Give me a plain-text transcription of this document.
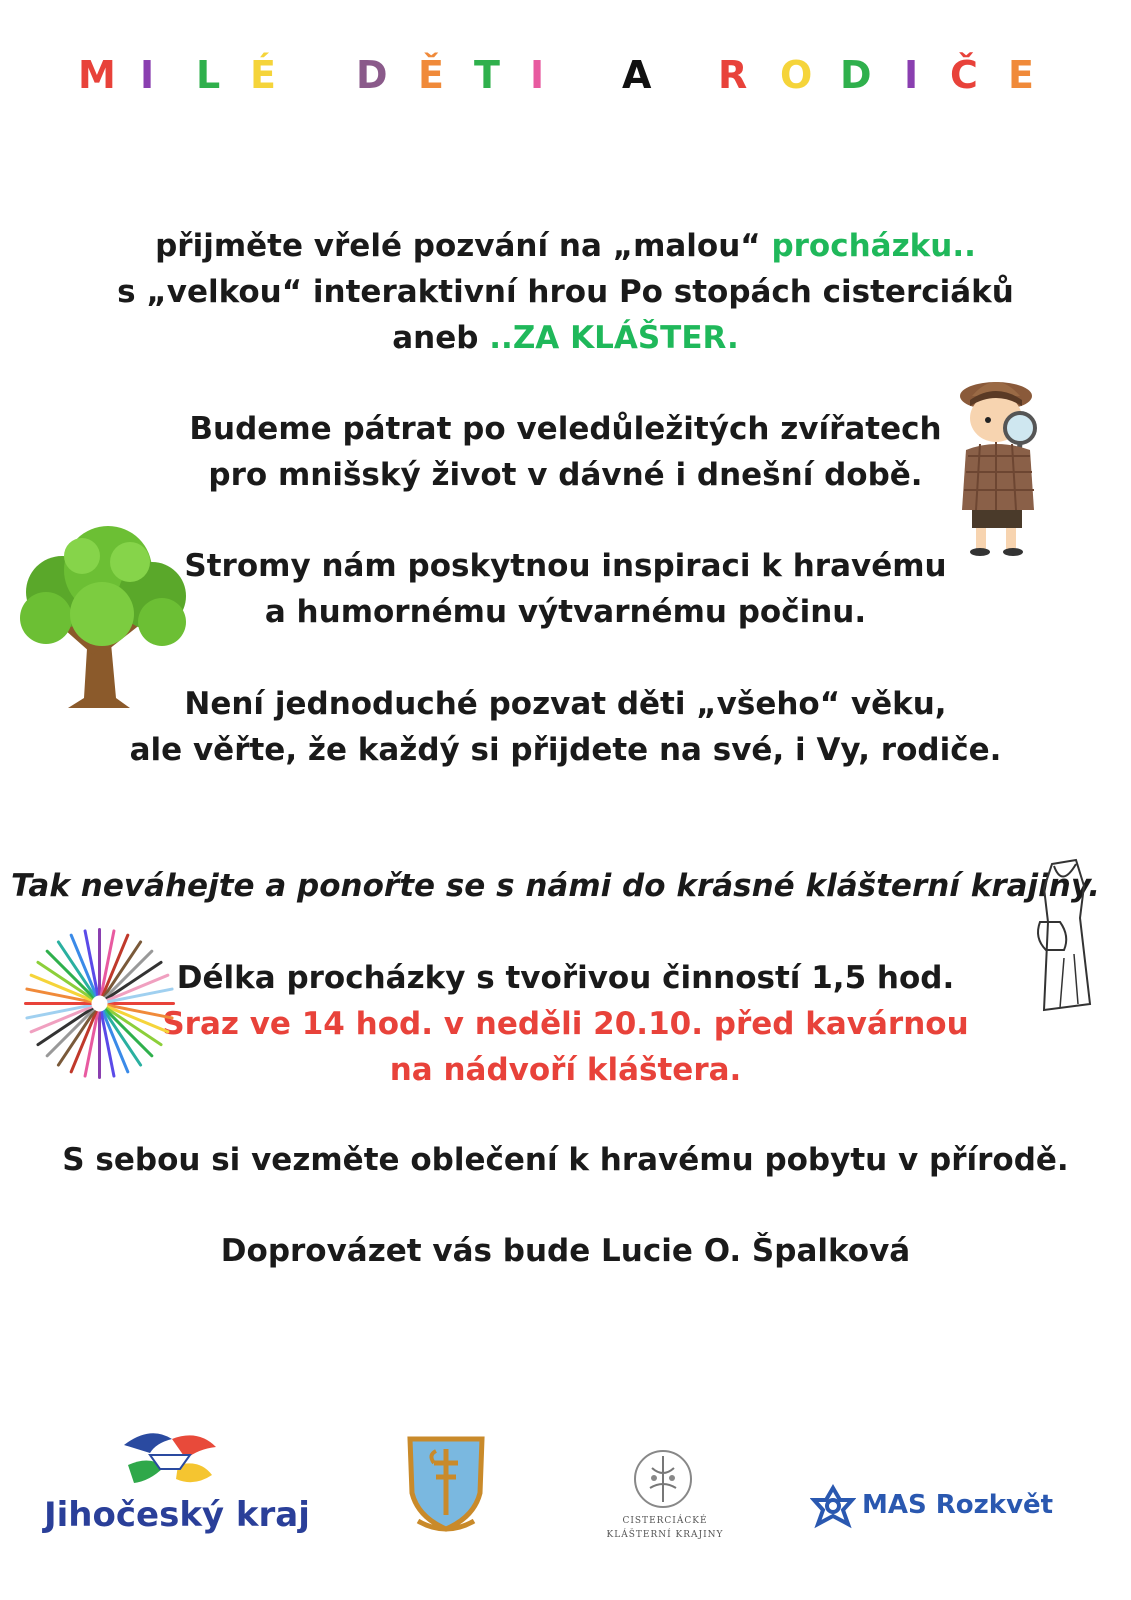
M I L É D Ě T I A R O D I Č E
přijměte vřelé pozvání na „malou“ procházku..
s „velkou“ interaktivní hrou Po stopách cisterciáků
aneb ..ZA KLÁŠTER.
Budeme pátrat po veledůležitých zvířatech
pro mnišský život v dávné i dnešní době.
Stromy nám poskytnou inspiraci k hravému
a humornému výtvarnému počinu.
Není jednoduché pozvat děti „všeho“ věku,
ale věřte, že každý si přijdete na své, i Vy, rodiče.
Tak neváhejte a ponořte se s námi do krásné klášterní krajiny.
Délka procházky s tvořivou činností 1,5 hod.
Sraz ve 14 hod. v neděli 20.10. před kavárnou
na nádvoří kláštera.
S sebou si vezměte oblečení k hravému pobytu v přírodě.
Doprovázet vás bude Lucie O. Špalková
Jihočeský kraj	CISTERCIÁCKÉ
KLÁŠTERNÍ KRAJINY
MAS Rozkvět
